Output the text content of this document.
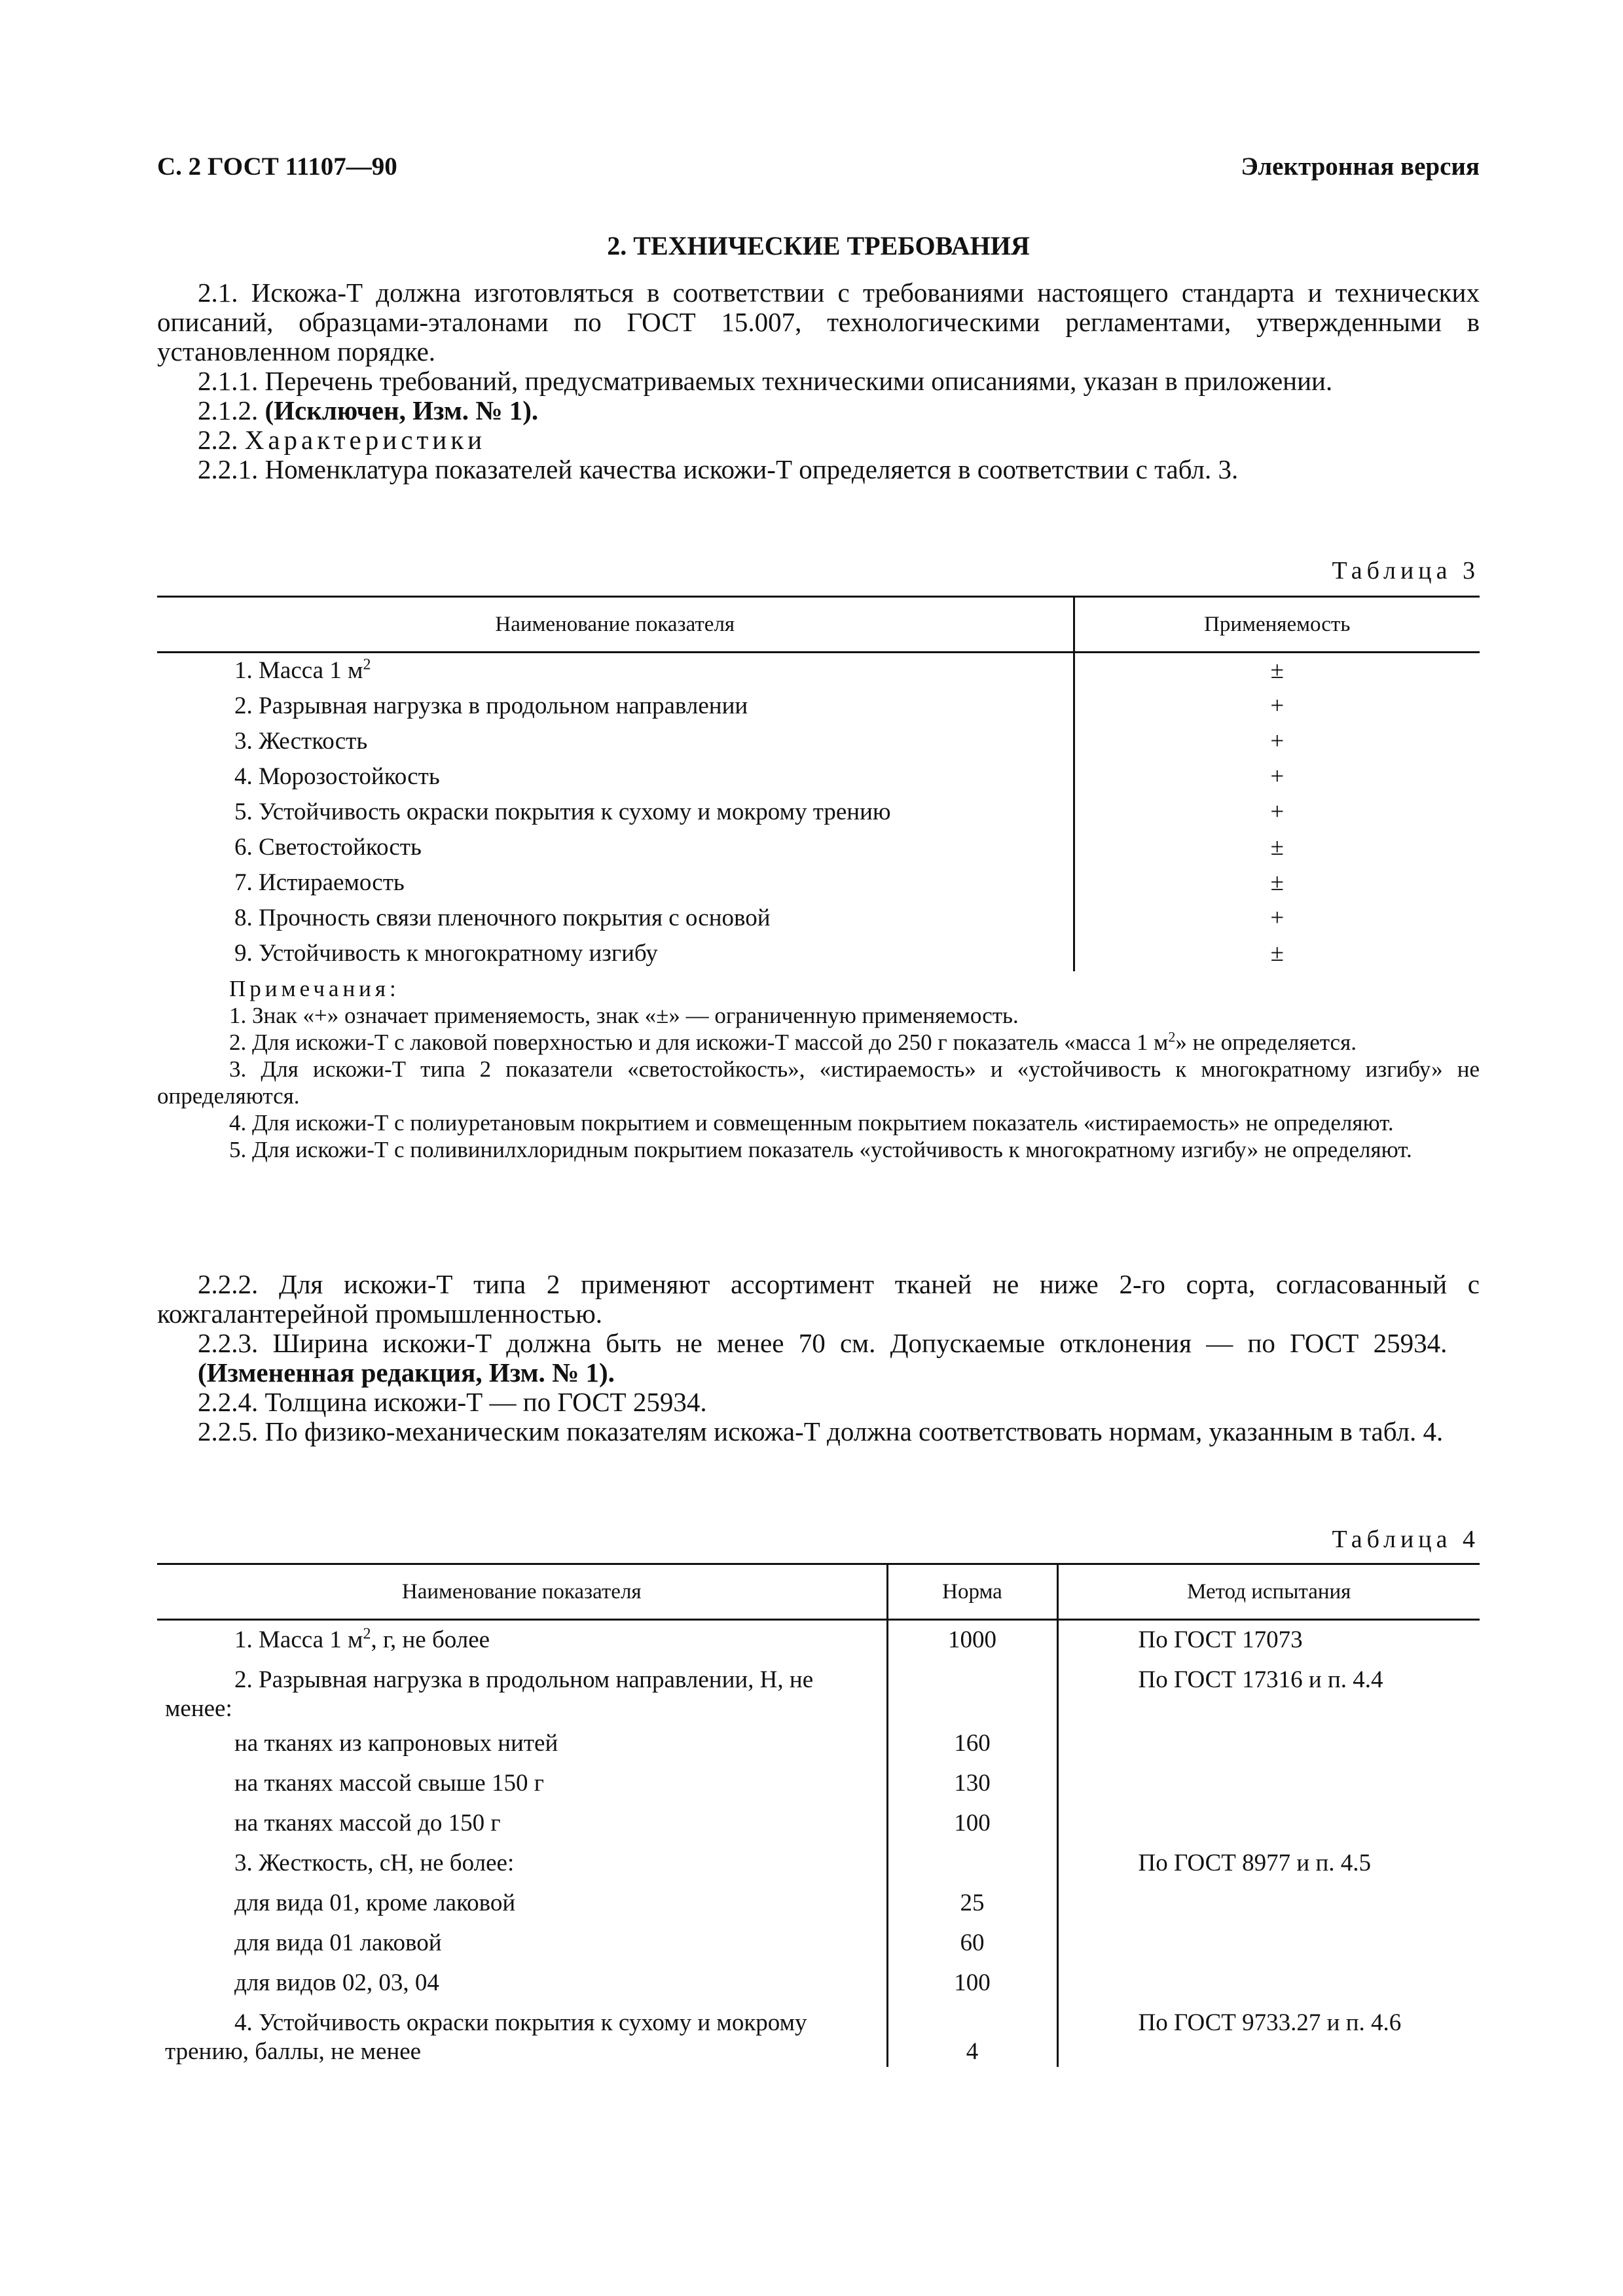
С. 2 ГОСТ 11107—90	Электронная версия
2. ТЕХНИЧЕСКИЕ ТРЕБОВАНИЯ

2.1. Искожа-Т должна изготовляться в соответствии с требованиями настоящего стандарта и технических описаний, образцами-эталонами по ГОСТ 15.007, технологическими регламентами, утвержденными в установленном порядке.

2.1.1. Перечень требований, предусматриваемых техническими описаниями, указан в приложении.

2.1.2. (Исключен, Изм. № 1).

2.2. Характеристики

2.2.1. Номенклатура показателей качества искожи-Т определяется в соответствии с табл. 3.

Таблица 3
Наименование показателя	Применяемость
1. Масса 1 $м^2$	±
2. Разрывная нагрузка в продольном направлении	+
3. Жесткость	+
4. Морозостойкость	+
5. Устойчивость окраски покрытия к сухому и мокрому трению	+
6. Светостойкость	±
7. Истираемость	±
8. Прочность связи пленочного покрытия с основой	+
9. Устойчивость к многократному изгибу	±

Примечания:

1. Знак «+» означает применяемость, знак «±» — ограниченную применяемость.

2. Для искожи-Т с лаковой поверхностью и для искожи-Т массой до 250 г показатель «масса 1 $м^2$» не определяется.

3. Для искожи-Т типа 2 показатели «светостойкость», «истираемость» и «устойчивость к многократному изгибу» не определяются.

4. Для искожи-Т с полиуретановым покрытием и совмещенным покрытием показатель «истираемость» не определяют.

5. Для искожи-Т с поливинилхлоридным покрытием показатель «устойчивость к многократному изгибу» не определяют.

2.2.2. Для искожи-Т типа 2 применяют ассортимент тканей не ниже 2-го сорта, согласованный с кожгалантерейной промышленностью.

2.2.3. Ширина искожи-Т должна быть не менее 70 см. Допускаемые отклонения — по ГОСТ 25934.

(Измененная редакция, Изм. № 1).

2.2.4. Толщина искожи-Т — по ГОСТ 25934.

2.2.5. По физико-механическим показателям искожа-Т должна соответствовать нормам, указанным в табл. 4.

Таблица 4
Наименование показателя	Норма	Метод испытания
1. Масса 1 $м^2$, г, не более	1000	По ГОСТ 17073
2. Разрывная нагрузка в продольном направлении, Н, не менее:		По ГОСТ 17316 и п. 4.4
на тканях из капроновых нитей	160	
на тканях массой свыше 150 г	130	
на тканях массой до 150 г	100	
3. Жесткость, сН, не более:		По ГОСТ 8977 и п. 4.5
для вида 01, кроме лаковой	25	
для вида 01 лаковой	60	
для видов 02, 03, 04	100	
4. Устойчивость окраски покрытия к сухому и мокрому трению, баллы, не менее	4	По ГОСТ 9733.27 и п. 4.6
